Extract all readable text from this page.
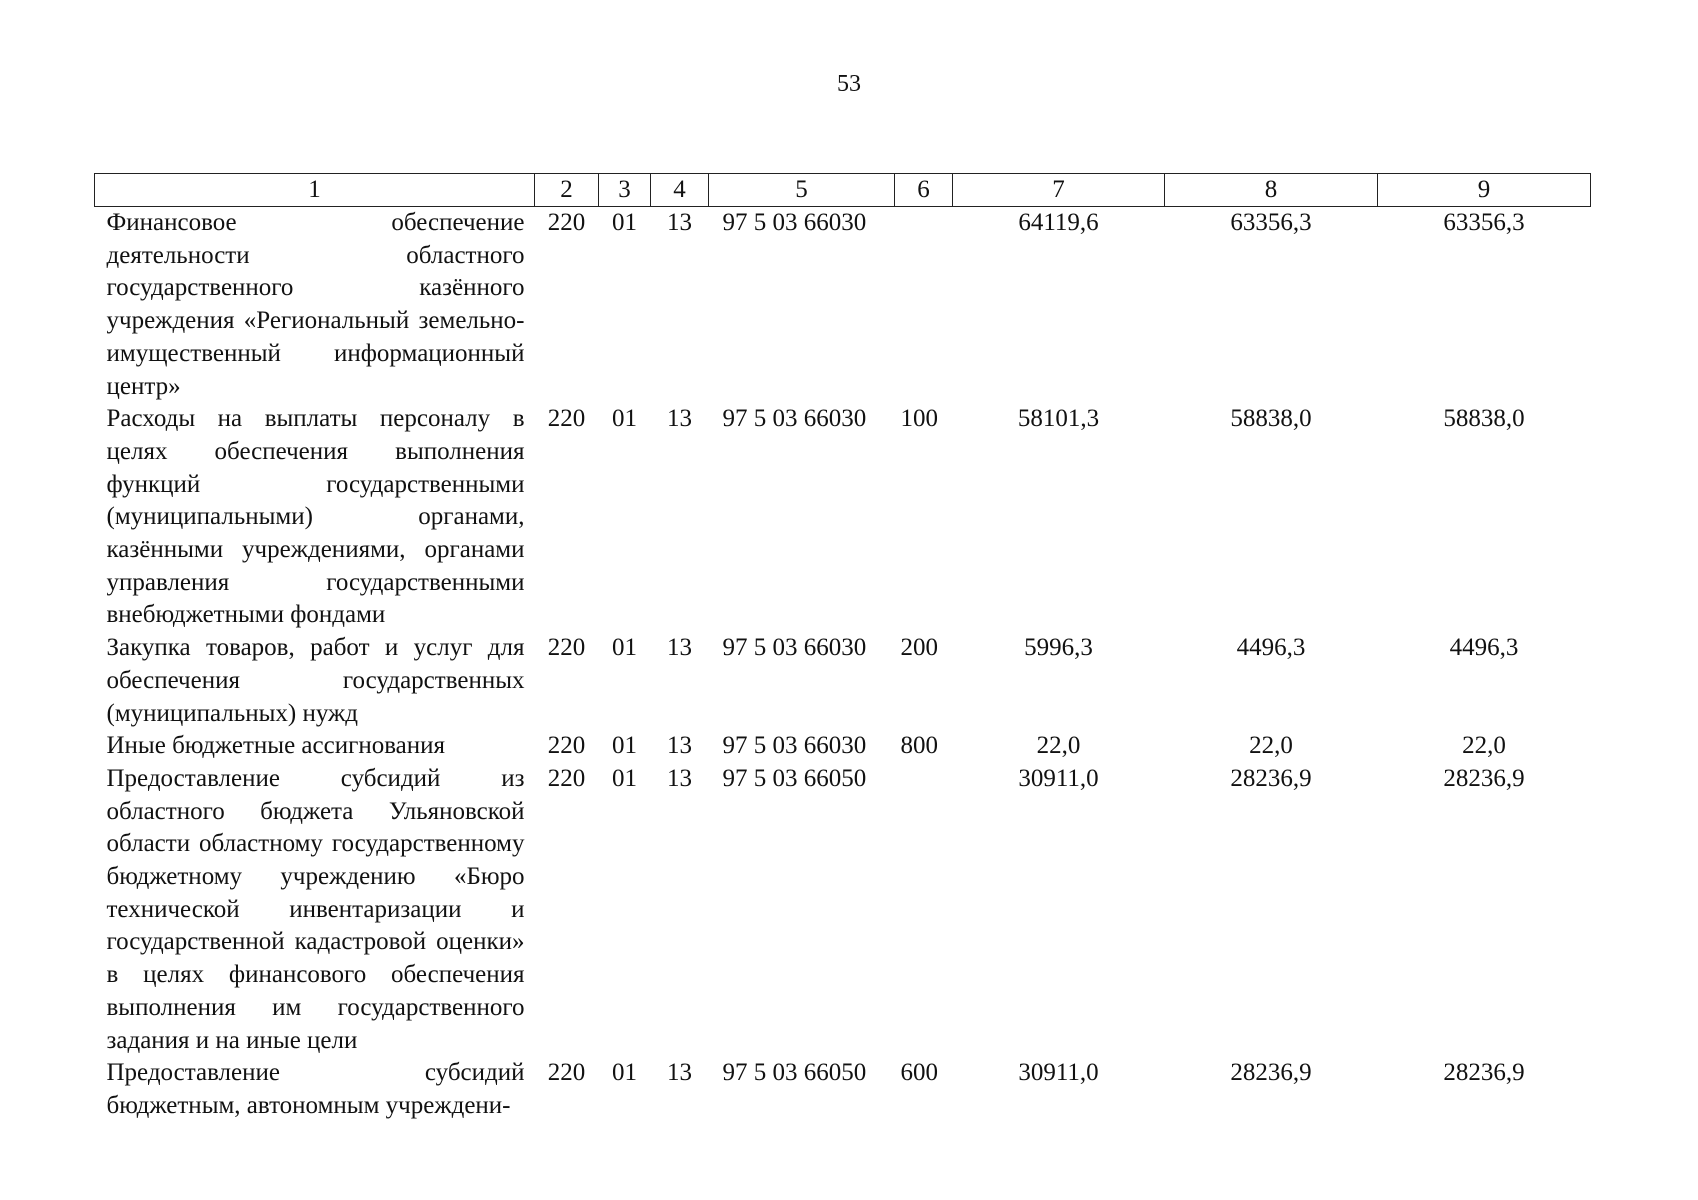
53
1	2	3	4	5	6	7	8	9
Финансовое обеспечение деятельности областного государственного казённого учреждения «Региональный земельно-имущественный информационный центр»	220	01	13	97 5 03 66030		64119,6	63356,3	63356,3
Расходы на выплаты персоналу в целях обеспечения выполнения функций государственными (муниципальными) органами, казёнными учреждениями, органами управления государственными внебюджетными фондами	220	01	13	97 5 03 66030	100	58101,3	58838,0	58838,0
Закупка товаров, работ и услуг для обеспечения государственных (муниципальных) нужд	220	01	13	97 5 03 66030	200	5996,3	4496,3	4496,3
Иные бюджетные ассигнования	220	01	13	97 5 03 66030	800	22,0	22,0	22,0
Предоставление субсидий из областного бюджета Ульяновской области областному государственному бюджетному учреждению «Бюро технической инвентаризации и государственной кадастровой оценки» в целях финансового обеспечения выполнения им государственного задания и на иные цели	220	01	13	97 5 03 66050		30911,0	28236,9	28236,9
Предоставление субсидий бюджетным, автономным учреждени-	220	01	13	97 5 03 66050	600	30911,0	28236,9	28236,9
